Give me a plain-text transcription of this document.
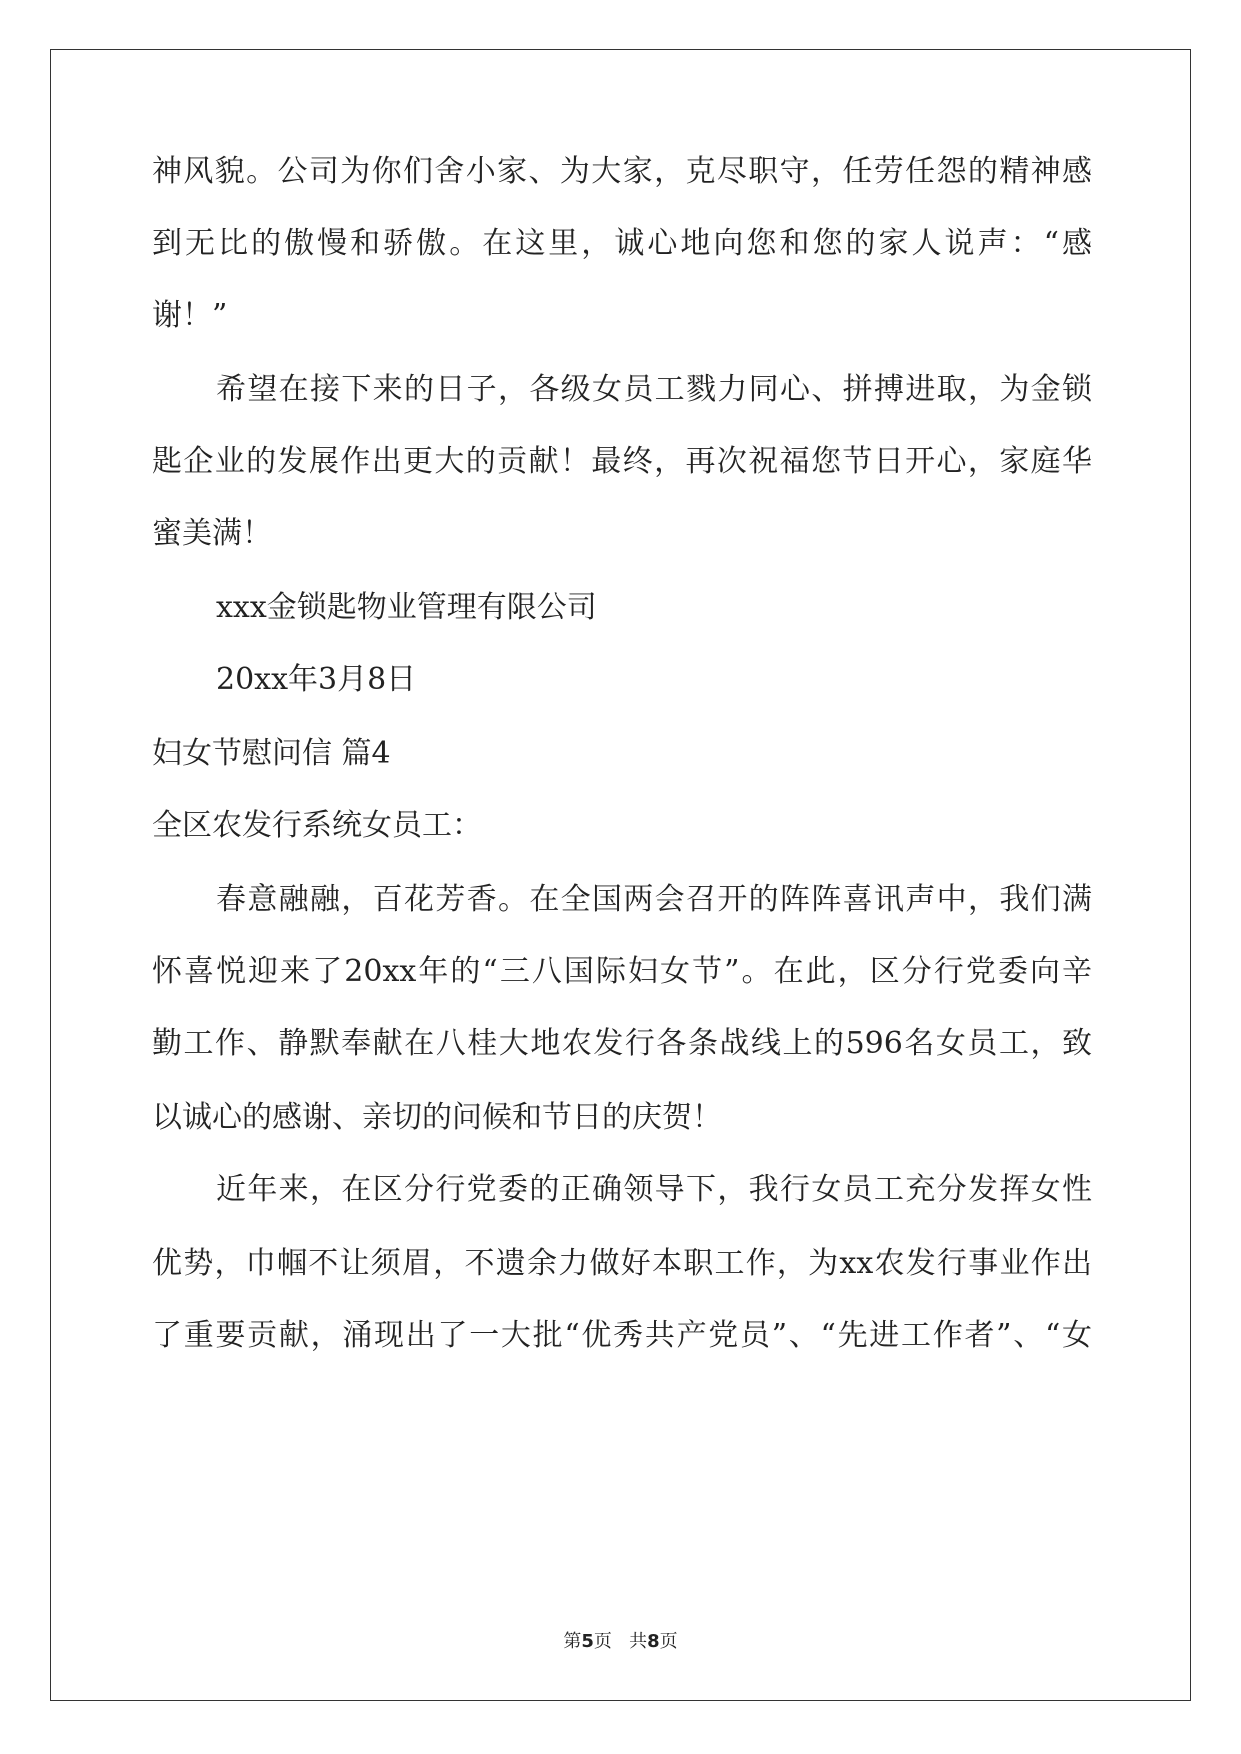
神风貌。公司为你们舍小家、为大家，克尽职守，任劳任怨的精神感
到无比的傲慢和骄傲。在这里，诚心地向您和您的家人说声：“感
谢！”
希望在接下来的日子，各级女员工戮力同心、拼搏进取，为金锁
匙企业的发展作出更大的贡献！最终，再次祝福您节日开心，家庭华
蜜美满！
xxx金锁匙物业管理有限公司
20xx年3月8日
妇女节慰问信 篇4
全区农发行系统女员工：
春意融融，百花芳香。在全国两会召开的阵阵喜讯声中，我们满
怀喜悦迎来了20xx年的“三八国际妇女节”。在此，区分行党委向辛
勤工作、静默奉献在八桂大地农发行各条战线上的596名女员工，致
以诚心的感谢、亲切的问候和节日的庆贺！
近年来，在区分行党委的正确领导下，我行女员工充分发挥女性
优势，巾帼不让须眉，不遗余力做好本职工作，为xx农发行事业作出
了重要贡献，涌现出了一大批“优秀共产党员”、“先进工作者”、“女
第5页 共8页
